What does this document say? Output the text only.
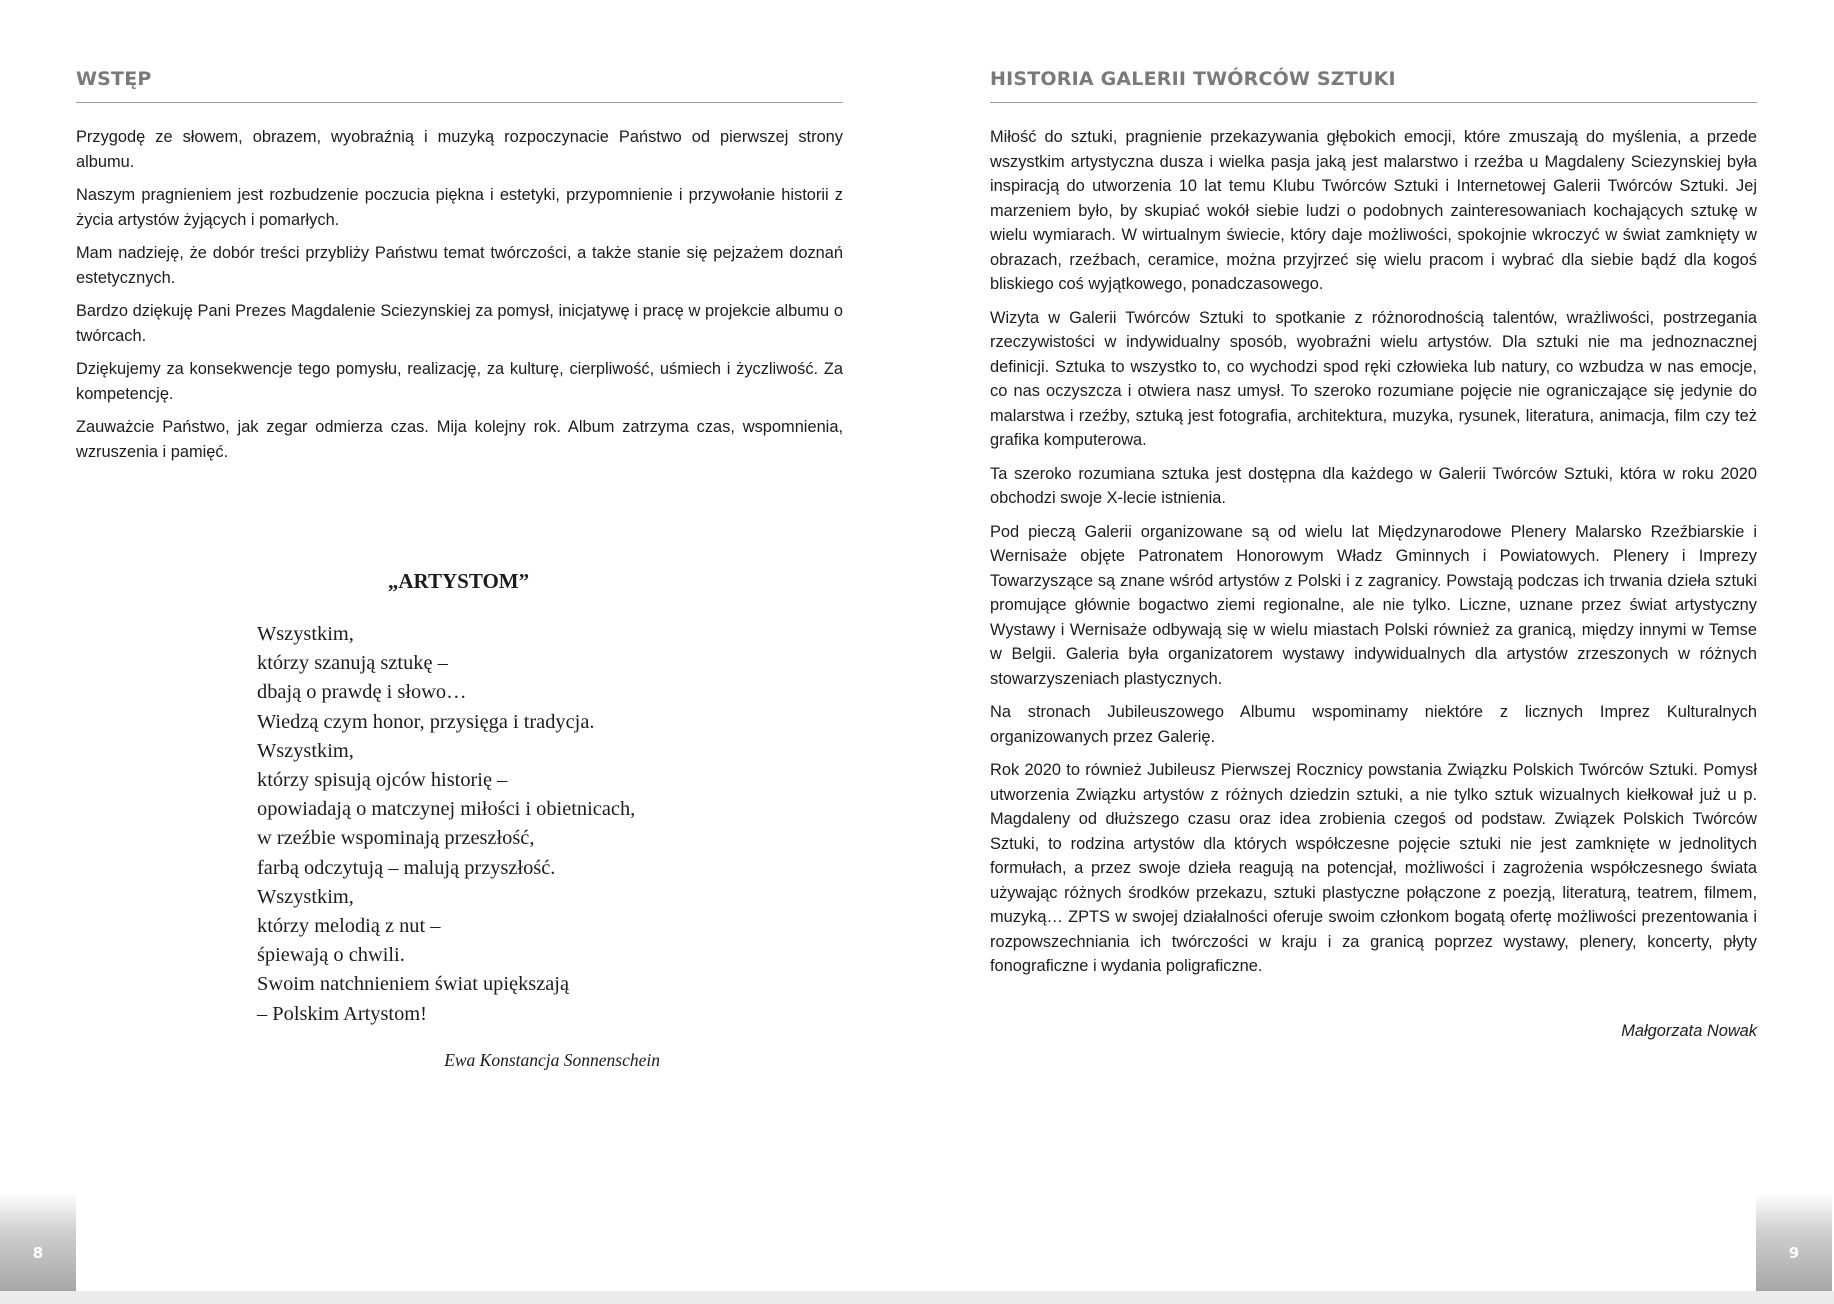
WSTĘP

Przygodę ze słowem, obrazem, wyobraźnią i muzyką rozpoczynacie Państwo od pierwszej strony albumu.

Naszym pragnieniem jest rozbudzenie poczucia piękna i estetyki, przypomnienie i przywołanie historii z życia artystów żyjących i pomarłych.

Mam nadzieję, że dobór treści przybliży Państwu temat twórczości, a także stanie się pejzażem doznań estetycznych.

Bardzo dziękuję Pani Prezes Magdalenie Sciezynskiej za pomysł, inicjatywę i pracę w projekcie albumu o twórcach.

Dziękujemy za konsekwencje tego pomysłu, realizację, za kulturę, cierpliwość, uśmiech i życzliwość. Za kompetencję.

Zauważcie Państwo, jak zegar odmierza czas. Mija kolejny rok. Album zatrzyma czas, wspomnienia, wzruszenia i pamięć.

„ARTYSTOM”
Wszystkim,
którzy szanują sztukę –
dbają o prawdę i słowo…
Wiedzą czym honor, przysięga i tradycja.
Wszystkim,
którzy spisują ojców historię –
opowiadają o matczynej miłości i obietnicach,
w rzeźbie wspominają przeszłość,
farbą odczytują – malują przyszłość.
Wszystkim,
którzy melodią z nut –
śpiewają o chwili.
Swoim natchnieniem świat upiększają
– Polskim Artystom!
Ewa Konstancja Sonnenschein
HISTORIA GALERII TWÓRCÓW SZTUKI

Miłość do sztuki, pragnienie przekazywania głębokich emocji, które zmuszają do myślenia, a przede wszystkim artystyczna dusza i wielka pasja jaką jest malarstwo i rzeźba u Magdaleny Sciezynskiej była inspiracją do utworzenia 10 lat temu Klubu Twórców Sztuki i Internetowej Galerii Twórców Sztuki. Jej marzeniem było, by skupiać wokół siebie ludzi o podobnych zainteresowaniach kochających sztukę w wielu wymiarach. W wirtualnym świecie, który daje możliwości, spokojnie wkroczyć w świat zamknięty w obrazach, rzeźbach, ceramice, można przyjrzeć się wielu pracom i wybrać dla siebie bądź dla kogoś bliskiego coś wyjątkowego, ponadczasowego.

Wizyta w Galerii Twórców Sztuki to spotkanie z różnorodnością talentów, wrażliwości, postrzegania rzeczywistości w indywidualny sposób, wyobraźni wielu artystów. Dla sztuki nie ma jednoznacznej definicji. Sztuka to wszystko to, co wychodzi spod ręki człowieka lub natury, co wzbudza w nas emocje, co nas oczyszcza i otwiera nasz umysł. To szeroko rozumiane pojęcie nie ograniczające się jedynie do malarstwa i rzeźby, sztuką jest fotografia, architektura, muzyka, rysunek, literatura, animacja, film czy też grafika komputerowa.

Ta szeroko rozumiana sztuka jest dostępna dla każdego w Galerii Twórców Sztuki, która w roku 2020 obchodzi swoje X-lecie istnienia.

Pod pieczą Galerii organizowane są od wielu lat Międzynarodowe Plenery Malarsko Rzeźbiarskie i Wernisaże objęte Patronatem Honorowym Władz Gminnych i Powiatowych. Plenery i Imprezy Towarzyszące są znane wśród artystów z Polski i z zagranicy. Powstają podczas ich trwania dzieła sztuki promujące głównie bogactwo ziemi regionalne, ale nie tylko. Liczne, uznane przez świat artystyczny Wystawy i Wernisaże odbywają się w wielu miastach Polski również za granicą, między innymi w Temse w Belgii. Galeria była organizatorem wystawy indywidualnych dla artystów zrzeszonych w różnych stowarzyszeniach plastycznych.

Na stronach Jubileuszowego Albumu wspominamy niektóre z licznych Imprez Kulturalnych organizowanych przez Galerię.

Rok 2020 to również Jubileusz Pierwszej Rocznicy powstania Związku Polskich Twórców Sztuki. Pomysł utworzenia Związku artystów z różnych dziedzin sztuki, a nie tylko sztuk wizualnych kiełkował już u p. Magdaleny od dłuższego czasu oraz idea zrobienia czegoś od podstaw. Związek Polskich Twórców Sztuki, to rodzina artystów dla których współczesne pojęcie sztuki nie jest zamknięte w jednolitych formułach, a przez swoje dzieła reagują na potencjał, możliwości i zagrożenia współczesnego świata używając różnych środków przekazu, sztuki plastyczne połączone z poezją, literaturą, teatrem, filmem, muzyką… ZPTS w swojej działalności oferuje swoim członkom bogatą ofertę możliwości prezentowania i rozpowszechniania ich twórczości w kraju i za granicą poprzez wystawy, plenery, koncerty, płyty fonograficzne i wydania poligraficzne.

Małgorzata Nowak
8	9
